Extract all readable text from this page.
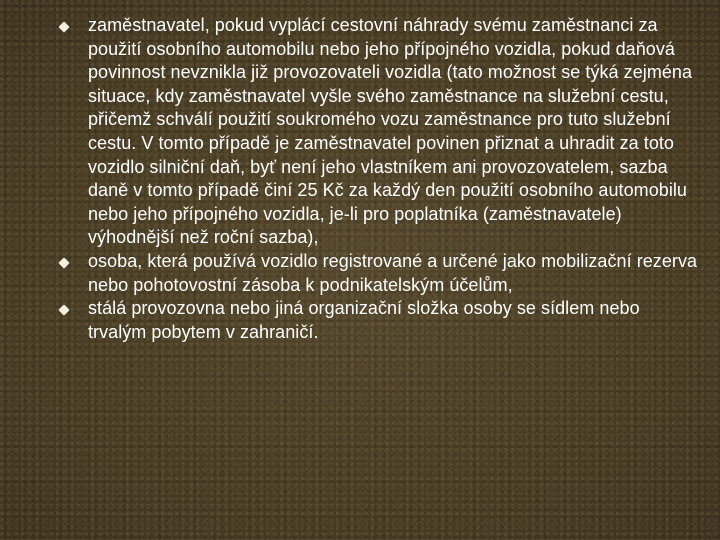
zaměstnavatel, pokud vyplácí cestovní náhrady svému zaměstnanci za použití osobního automobilu nebo jeho přípojného vozidla, pokud daňová povinnost nevznikla již provozovateli vozidla (tato možnost se týká zejména situace, kdy zaměstnavatel vyšle svého zaměstnance na služební cestu, přičemž schválí použití soukromého vozu zaměstnance pro tuto služební cestu. V tomto případě je zaměstnavatel povinen přiznat a uhradit za toto vozidlo silniční daň, byť není jeho vlastníkem ani provozovatelem, sazba daně v tomto případě činí 25 Kč za každý den použití osobního automobilu nebo jeho přípojného vozidla, je-li pro poplatníka (zaměstnavatele) výhodnější než roční sazba),
osoba, která používá vozidlo registrované a určené jako mobilizační rezerva nebo pohotovostní zásoba k podnikatelským účelům,
stálá provozovna nebo jiná organizační složka osoby se sídlem nebo trvalým pobytem v zahraničí.
